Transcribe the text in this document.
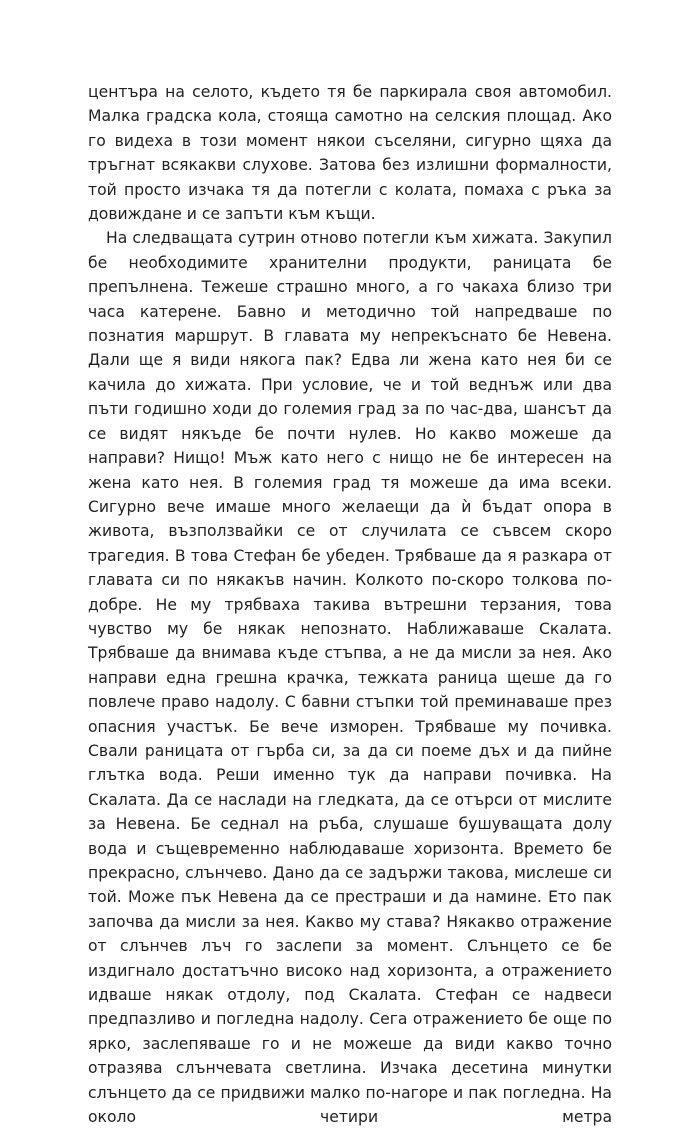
центъра на селото, където тя бе паркирала своя автомобил. Малка градска кола, стояща самотно на селския площад. Ако го видеха в този момент някои съселяни, сигурно щяха да тръгнат всякакви слухове. Затова без излишни формалности, той просто изчака тя да потегли с колата, помаха с ръка за довиждане и се запъти към къщи.

На следващата сутрин отново потегли към хижата. Закупил бе необходимите хранителни продукти, раницата бе препълнена. Тежеше страшно много, а го чакаха близо три часа катерене. Бавно и методично той напредваше по познатия маршрут. В главата му непрекъснато бе Невена. Дали ще я види някога пак? Едва ли жена като нея би се качила до хижата. При условие, че и той веднъж или два пъти годишно ходи до големия град за по час-два, шансът да се видят някъде бе почти нулев. Но какво можеше да направи? Нищо! Мъж като него с нищо не бе интересен на жена като нея. В големия град тя можеше да има всеки. Сигурно вече имаше много желаещи да ѝ бъдат опора в живота, възползвайки се от случилата се съвсем скоро трагедия. В това Стефан бе убеден. Трябваше да я разкара от главата си по някакъв начин. Колкото по-скоро толкова по-добре. Не му трябваха такива вътрешни терзания, това чувство му бе някак непознато. Наближаваше Скалата. Трябваше да внимава къде стъпва, а не да мисли за нея. Ако направи една грешна крачка, тежката раница щеше да го повлече право надолу. С бавни стъпки той преминаваше през опасния участък. Бе вече изморен. Трябваше му почивка. Свали раницата от гърба си, за да си поеме дъх и да пийне глътка вода. Реши именно тук да направи почивка. На Скалата. Да се наслади на гледката, да се отърси от мислите за Невена. Бе седнал на ръба, слушаше бушуващата долу вода и същевременно наблюдаваше хоризонта. Времето бе прекрасно, слънчево. Дано да се задържи такова, мислеше си той. Може пък Невена да се престраши и да намине. Ето пак започва да мисли за нея. Какво му става? Някакво отражение от слънчев лъч го заслепи за момент. Слънцето се бе издигнало достатъчно високо над хоризонта, а отражението идваше някак отдолу, под Скалата. Стефан се надвеси предпазливо и погледна надолу. Сега отражението бе още по ярко, заслепяваше го и не можеше да види какво точно отразява слънчевата светлина. Изчака десетина минутки слънцето да се придвижи малко по-нагоре и пак погледна. На около четири метра
